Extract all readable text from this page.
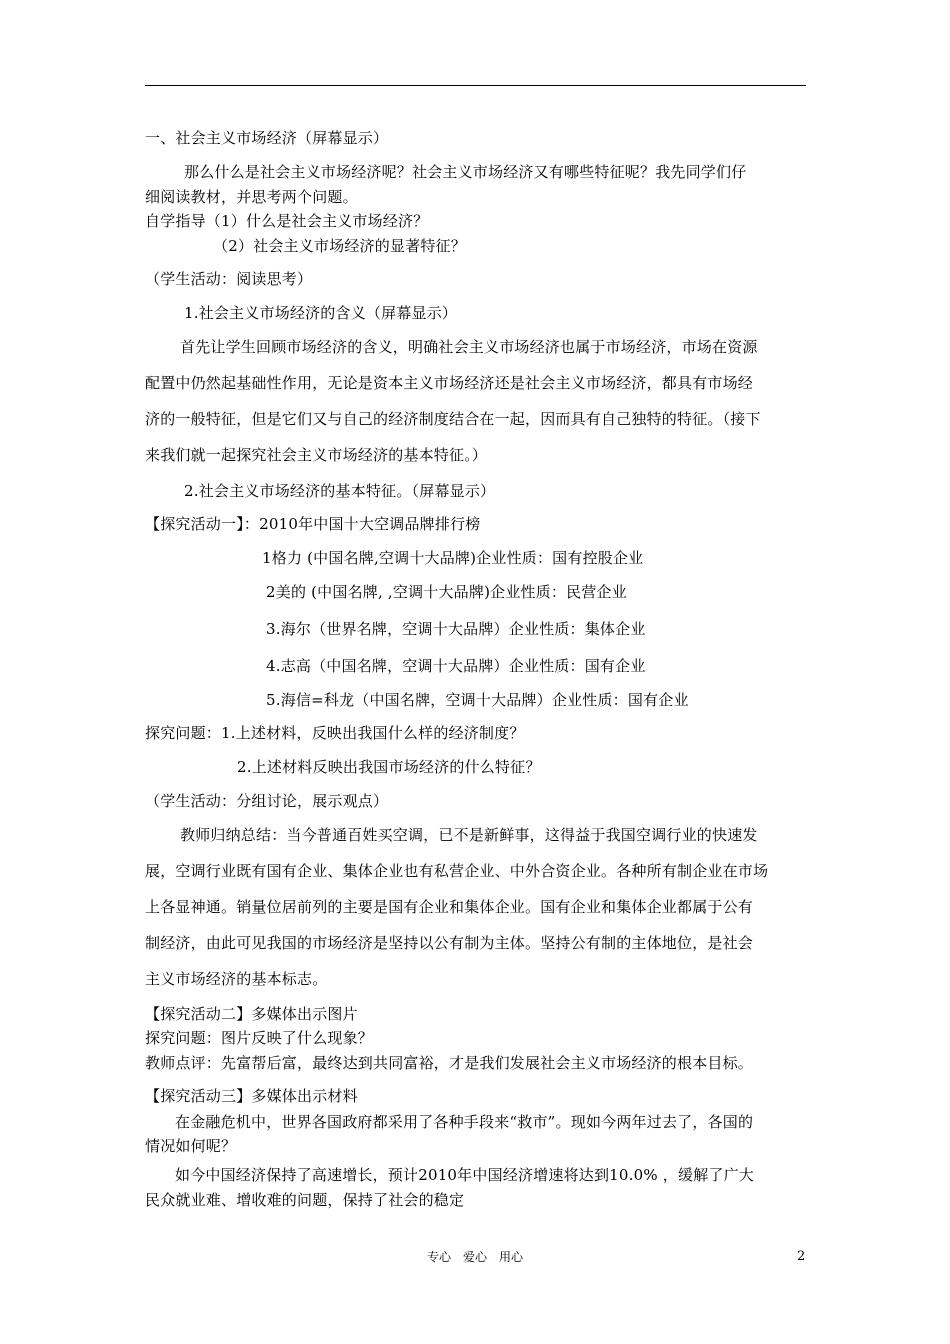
一、社会主义市场经济（屏幕显示）
那么什么是社会主义市场经济呢？社会主义市场经济又有哪些特征呢？我先同学们仔
细阅读教材，并思考两个问题。
自学指导（1）什么是社会主义市场经济？
（2）社会主义市场经济的显著特征？
（学生活动：阅读思考）
1.社会主义市场经济的含义（屏幕显示）
首先让学生回顾市场经济的含义，明确社会主义市场经济也属于市场经济，市场在资源
配置中仍然起基础性作用，无论是资本主义市场经济还是社会主义市场经济，都具有市场经
济的一般特征，但是它们又与自己的经济制度结合在一起，因而具有自己独特的特征。（接下
来我们就一起探究社会主义市场经济的基本特征。）
2.社会主义市场经济的基本特征。（屏幕显示）
【探究活动一】：2010年中国十大空调品牌排行榜
1格力 (中国名牌,空调十大品牌)企业性质：国有控股企业
2美的 (中国名牌, ,空调十大品牌)企业性质：民营企业
3.海尔（世界名牌，空调十大品牌）企业性质：集体企业
4.志高（中国名牌，空调十大品牌）企业性质：国有企业
5.海信=科龙（中国名牌，空调十大品牌）企业性质：国有企业
探究问题：1.上述材料，反映出我国什么样的经济制度？
2.上述材料反映出我国市场经济的什么特征？
（学生活动：分组讨论，展示观点）
教师归纳总结：当今普通百姓买空调，已不是新鲜事，这得益于我国空调行业的快速发
展，空调行业既有国有企业、集体企业也有私营企业、中外合资企业。各种所有制企业在市场
上各显神通。销量位居前列的主要是国有企业和集体企业。国有企业和集体企业都属于公有
制经济，由此可见我国的市场经济是坚持以公有制为主体。坚持公有制的主体地位，是社会
主义市场经济的基本标志。
【探究活动二】多媒体出示图片
探究问题：图片反映了什么现象？
教师点评：先富帮后富，最终达到共同富裕，才是我们发展社会主义市场经济的根本目标。
【探究活动三】多媒体出示材料
在金融危机中，世界各国政府都采用了各种手段来“救市”。现如今两年过去了，各国的
情况如何呢？
如今中国经济保持了高速增长，预计2010年中国经济增速将达到10.0% ，缓解了广大
民众就业难、增收难的问题，保持了社会的稳定
专心　爱心　用心	2
